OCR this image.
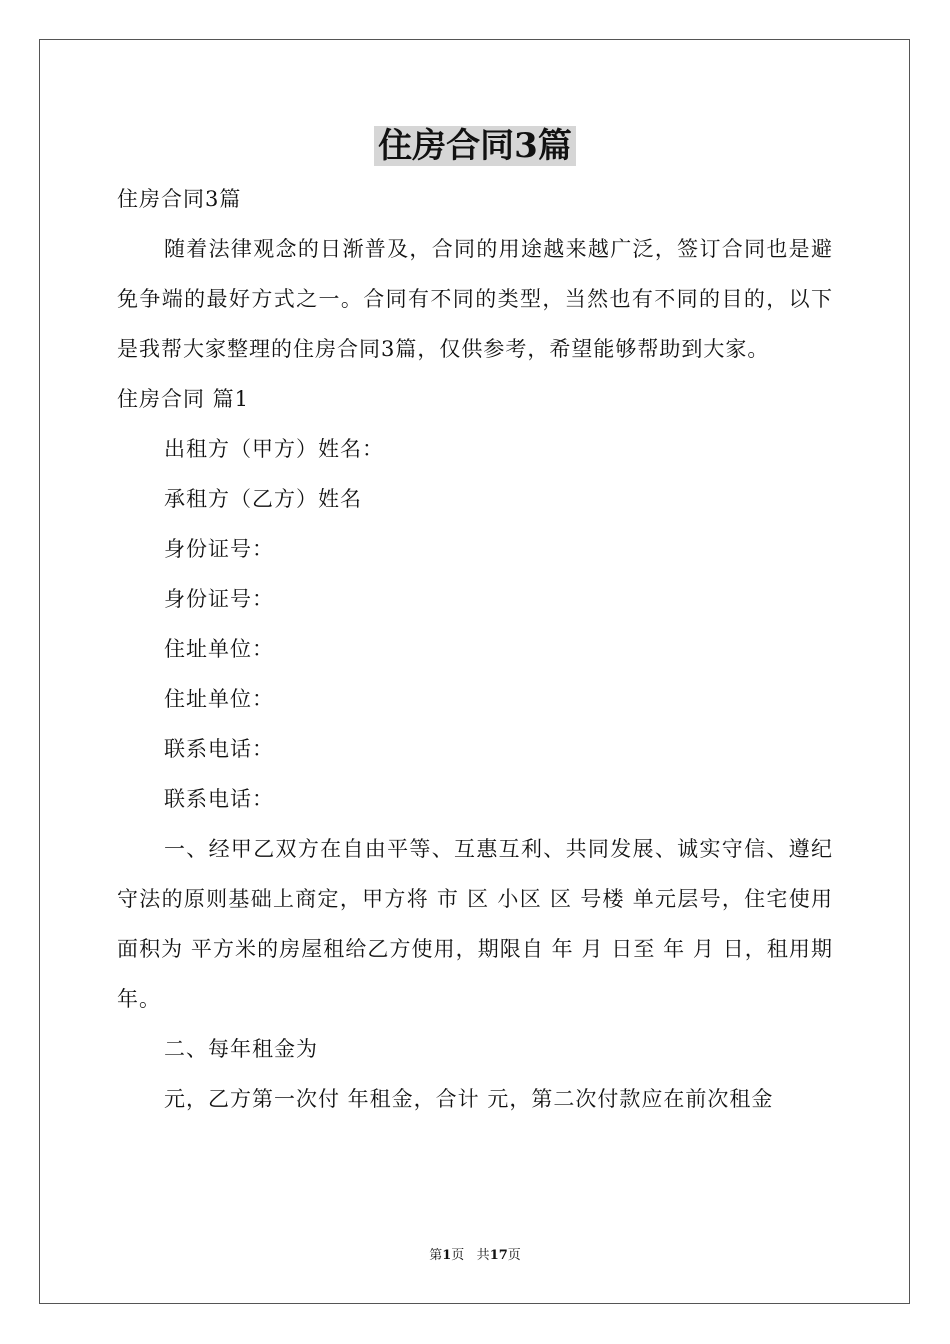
住房合同3篇

住房合同3篇

随着法律观念的日渐普及，合同的用途越来越广泛，签订合同也是避免争端的最好方式之一。合同有不同的类型，当然也有不同的目的，以下是我帮大家整理的住房合同3篇，仅供参考，希望能够帮助到大家。

住房合同 篇1

出租方（甲方）姓名：

承租方（乙方）姓名

身份证号：

身份证号：

住址单位：

住址单位：

联系电话：

联系电话：

一、经甲乙双方在自由平等、互惠互利、共同发展、诚实守信、遵纪守法的原则基础上商定，甲方将 市 区 小区 区 号楼 单元层号，住宅使用面积为 平方米的房屋租给乙方使用，期限自 年 月 日至 年 月 日，租用期 年。

二、每年租金为

元，乙方第一次付 年租金，合计 元，第二次付款应在前次租金

第1页 共17页
